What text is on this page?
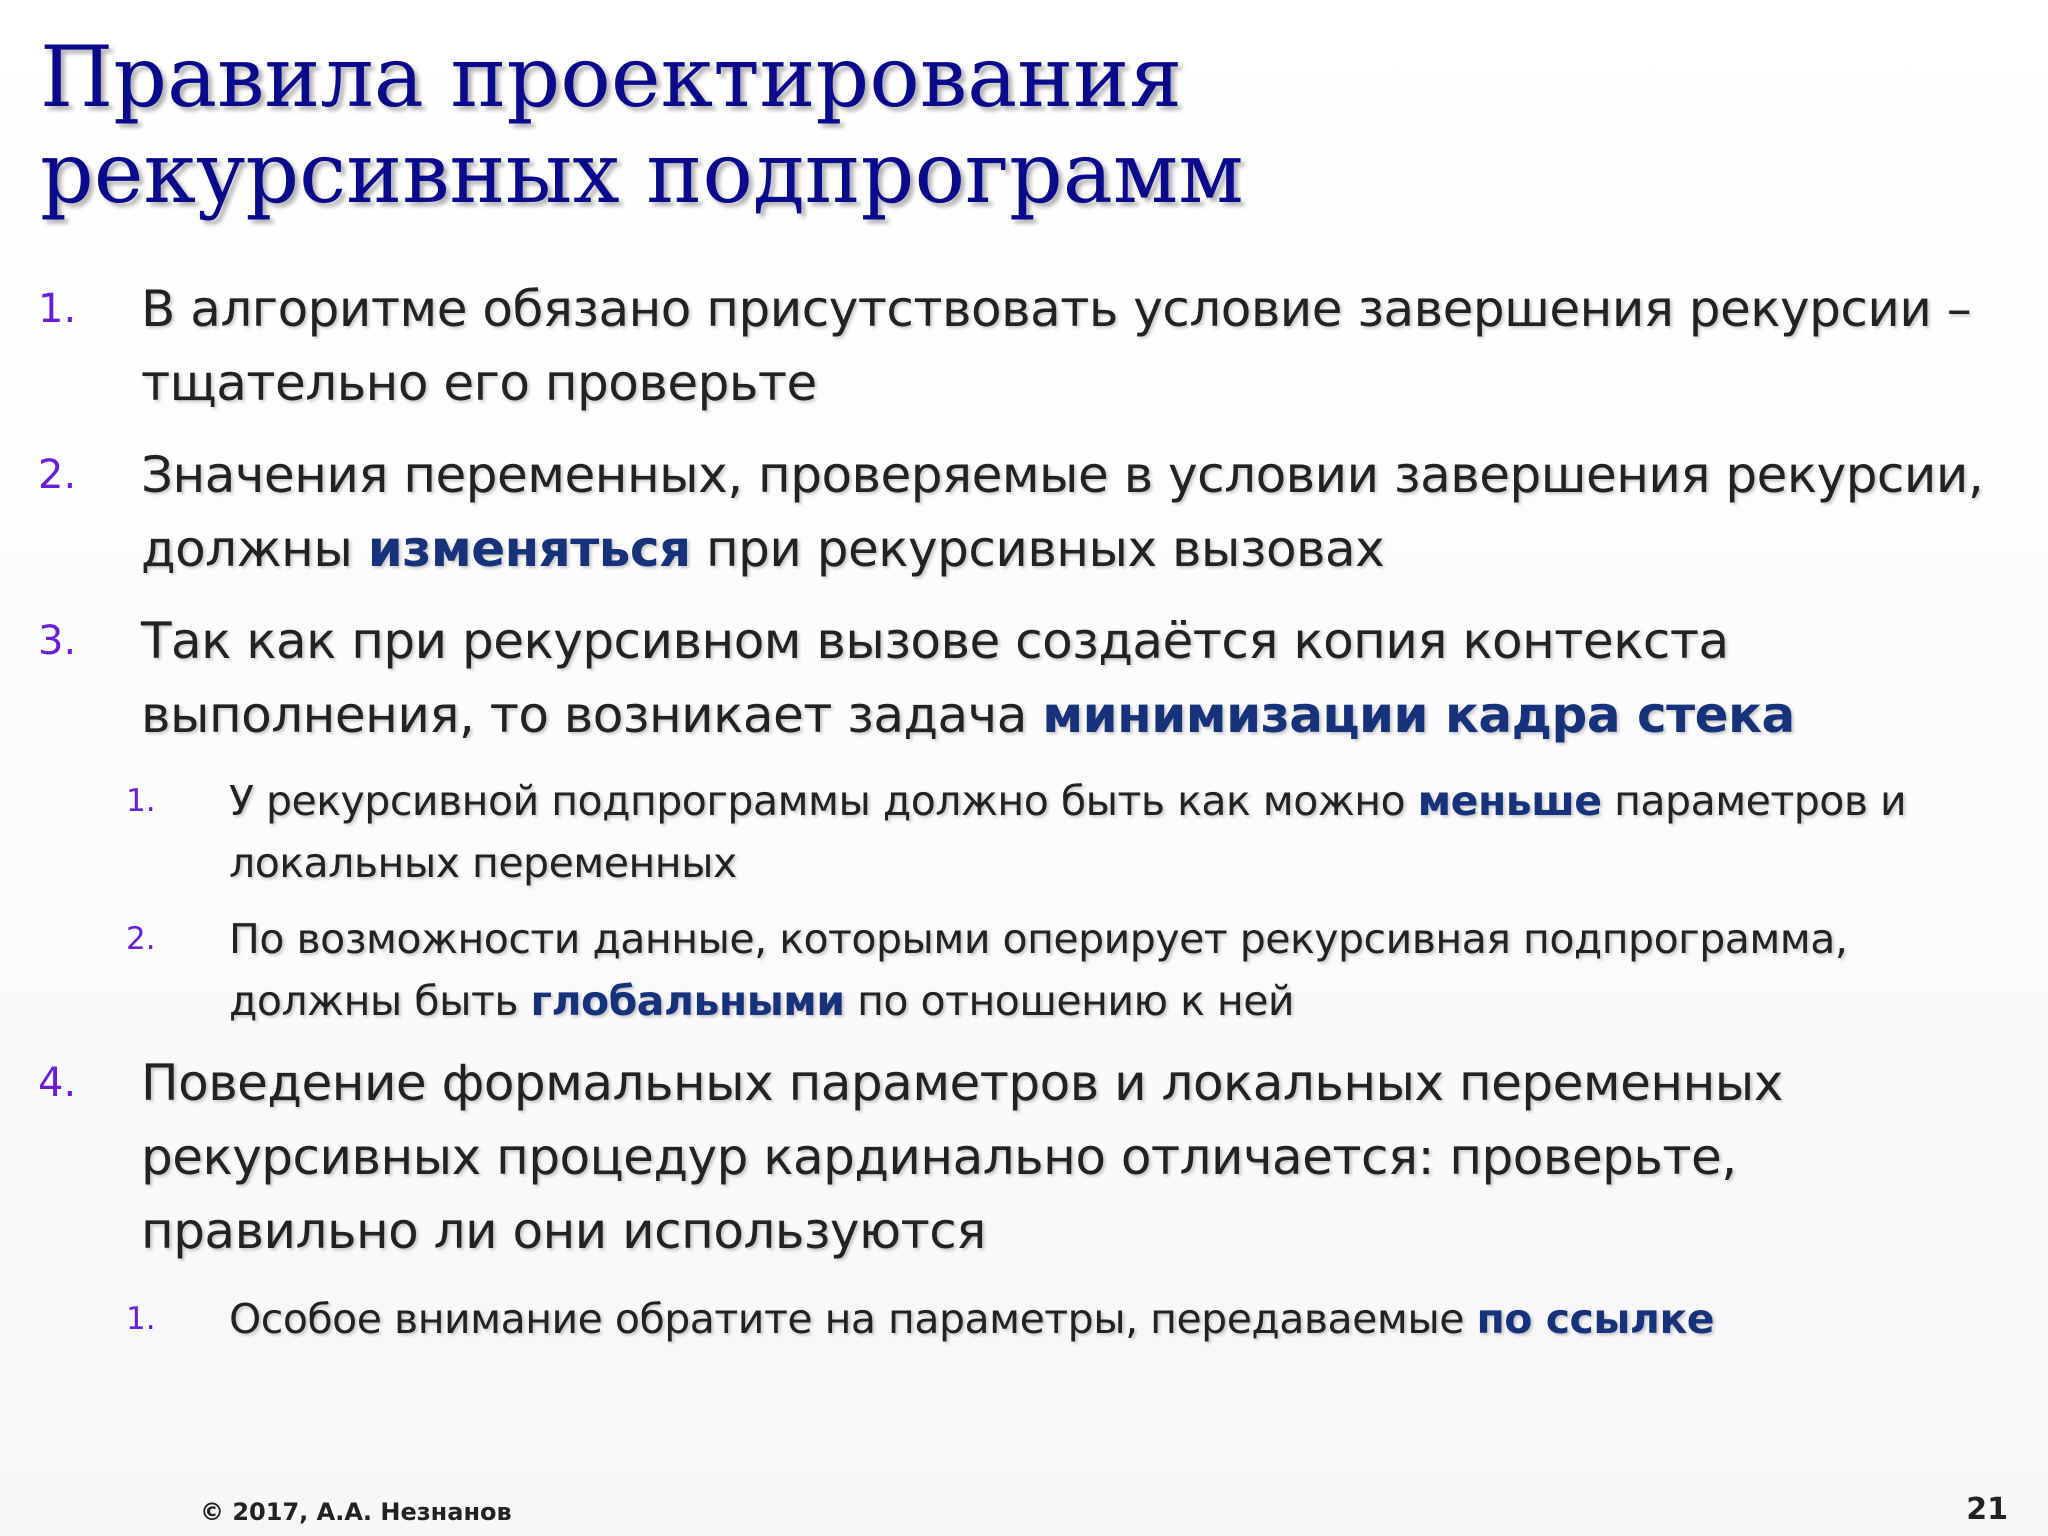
Правила проектирования
рекурсивных подпрограмм
1.	В алгоритме обязано присутствовать условие завершения рекурсии – тщательно его проверьте
2.	Значения переменных, проверяемые в условии завершения рекурсии, должны изменяться при рекурсивных вызовах
3.	Так как при рекурсивном вызове создаётся копия контекста выполнения, то возникает задача минимизации кадра стека
1.	У рекурсивной подпрограммы должно быть как можно меньше параметров и локальных переменных
2.	По возможности данные, которыми оперирует рекурсивная подпрограмма, должны быть глобальными по отношению к ней
4.	Поведение формальных параметров и локальных переменных рекурсивных процедур кардинально отличается: проверьте, правильно ли они используются
1.	Особое внимание обратите на параметры, передаваемые по ссылке
© 2017, А.А. Незнанов	21
